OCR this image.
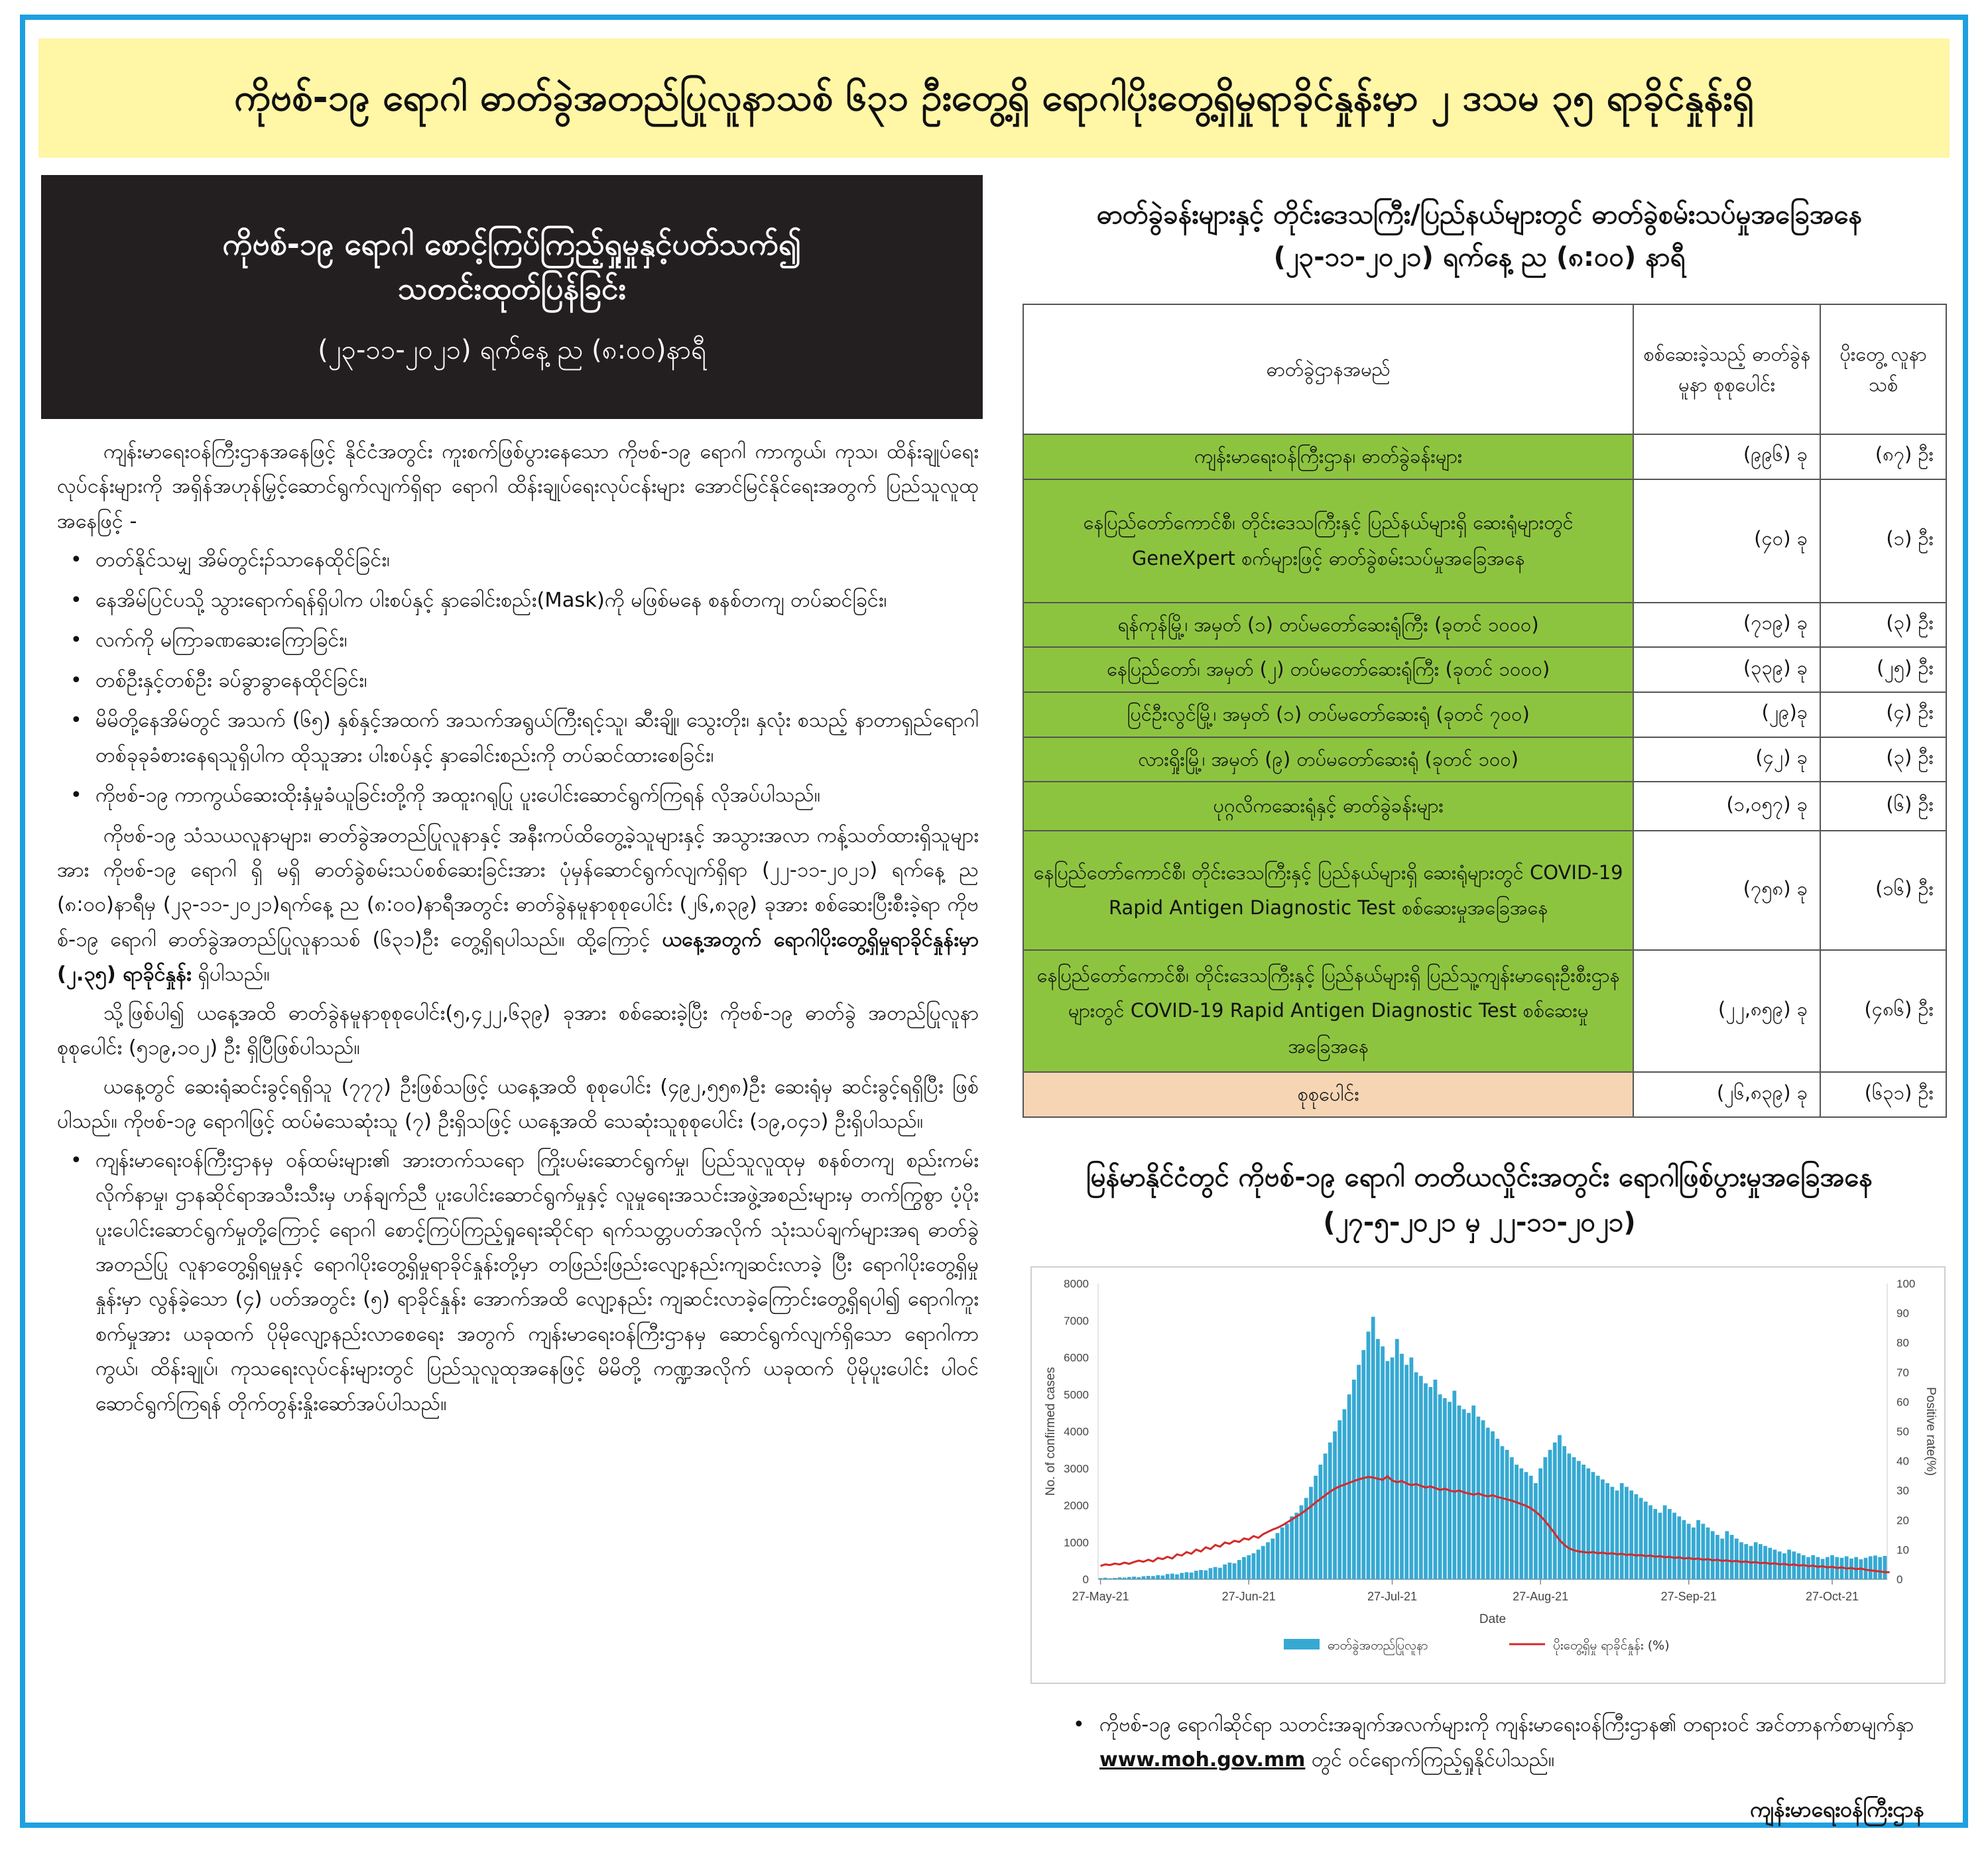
ကိုဗစ်-၁၉ ရောဂါ ဓာတ်ခွဲအတည်ပြုလူနာသစ် ၆၃၁ ဦးတွေ့ရှိ ရောဂါပိုးတွေ့ရှိမှုရာခိုင်နှုန်းမှာ ၂ ဒသမ ၃၅ ရာခိုင်နှုန်းရှိ
ကိုဗစ်-၁၉ ရောဂါ စောင့်ကြပ်ကြည့်ရှုမှုနှင့်ပတ်သက်၍
သတင်းထုတ်ပြန်ခြင်း
(၂၃-၁၁-၂၀၂၁) ရက်နေ့ ည (၈:၀၀)နာရီ

ကျန်းမာရေးဝန်ကြီးဌာနအနေဖြင့် နိုင်ငံအတွင်း ကူးစက်ဖြစ်ပွားနေသော ကိုဗစ်-၁၉ ရောဂါ ကာကွယ်၊ ကုသ၊ ထိန်းချုပ်ရေးလုပ်ငန်းများကို အရှိန်အဟုန်မြှင့်ဆောင်ရွက်လျက်ရှိရာ ရောဂါ ထိန်းချုပ်ရေးလုပ်ငန်းများ အောင်မြင်နိုင်ရေးအတွက် ပြည်သူလူထုအနေဖြင့် -

• တတ်နိုင်သမျှ အိမ်တွင်းၣ်သာနေထိုင်ခြင်း၊
• နေအိမ်ပြင်ပသို့ သွားရောက်ရန်ရှိပါက ပါးစပ်နှင့် နှာခေါင်းစည်း(Mask)ကို မဖြစ်မနေ စနစ်တကျ တပ်ဆင်ခြင်း၊
• လက်ကို မကြာခဏဆေးကြောခြင်း၊
• တစ်ဦးနှင့်တစ်ဦး ခပ်ခွာခွာနေထိုင်ခြင်း၊
• မိမိတို့နေအိမ်တွင် အသက် (၆၅) နှစ်နှင့်အထက် အသက်အရွယ်ကြီးရင့်သူ၊ ဆီးချို၊ သွေးတိုး၊ နှလုံး စသည့် နာတာရှည်ရောဂါတစ်ခုခုခံစားနေရသူရှိပါက ထိုသူအား ပါးစပ်နှင့် နှာခေါင်းစည်းကို တပ်ဆင်ထားစေခြင်း၊
• ကိုဗစ်-၁၉ ကာကွယ်ဆေးထိုးနှံမှုခံယူခြင်းတို့ကို အထူးဂရုပြု ပူးပေါင်းဆောင်ရွက်ကြရန် လိုအပ်ပါသည်။

ကိုဗစ်-၁၉ သံသယလူနာများ၊ ဓာတ်ခွဲအတည်ပြုလူနာနှင့် အနီးကပ်ထိတွေ့ခဲ့သူများနှင့် အသွားအလာ ကန့်သတ်ထားရှိသူများအား ကိုဗစ်-၁၉ ရောဂါ ရှိ မရှိ ဓာတ်ခွဲစမ်းသပ်စစ်ဆေးခြင်းအား ပုံမှန်ဆောင်ရွက်လျက်ရှိရာ (၂၂-၁၁-၂၀၂၁) ရက်နေ့ ည (၈:၀၀)နာရီမှ (၂၃-၁၁-၂၀၂၁)ရက်နေ့ ည (၈:၀၀)နာရီအတွင်း ဓာတ်ခွဲနမူနာစုစုပေါင်း (၂၆,၈၃၉) ခုအား စစ်ဆေးပြီးစီးခဲ့ရာ ကိုဗစ်-၁၉ ရောဂါ ဓာတ်ခွဲအတည်ပြုလူနာသစ် (၆၃၁)ဦး တွေ့ရှိရပါသည်။ ထို့ကြောင့် ယနေ့အတွက် ရောဂါပိုးတွေ့ရှိမှုရာခိုင်နှုန်းမှာ (၂.၃၅) ရာခိုင်နှုန်း ရှိပါသည်။

သို့ဖြစ်ပါ၍ ယနေ့အထိ ဓာတ်ခွဲနမူနာစုစုပေါင်း(၅,၄၂၂,၆၃၉) ခုအား စစ်ဆေးခဲ့ပြီး ကိုဗစ်-၁၉ ဓာတ်ခွဲ အတည်ပြုလူနာ စုစုပေါင်း (၅၁၉,၁၀၂) ဦး ရှိပြီဖြစ်ပါသည်။

ယနေ့တွင် ဆေးရုံဆင်းခွင့်ရရှိသူ (၇၇၇) ဦးဖြစ်သဖြင့် ယနေ့အထိ စုစုပေါင်း (၄၉၂,၅၅၈)ဦး ဆေးရုံမှ ဆင်းခွင့်ရရှိပြီး ဖြစ်ပါသည်။ ကိုဗစ်-၁၉ ရောဂါဖြင့် ထပ်မံသေဆုံးသူ (၇) ဦးရှိသဖြင့် ယနေ့အထိ သေဆုံးသူစုစုပေါင်း (၁၉,၀၄၁) ဦးရှိပါသည်။

• ကျန်းမာရေးဝန်ကြီးဌာနမှ ဝန်ထမ်းများ၏ အားတက်သရော ကြိုးပမ်းဆောင်ရွက်မှု၊ ပြည်သူလူထုမှ စနစ်တကျ စည်းကမ်းလိုက်နာမှု၊ ဌာနဆိုင်ရာအသီးသီးမှ ဟန်ချက်ညီ ပူးပေါင်းဆောင်ရွက်မှုနှင့် လူမှုရေးအသင်းအဖွဲ့အစည်းများမှ တက်ကြွစွာ ပံ့ပိုးပူးပေါင်းဆောင်ရွက်မှုတို့ကြောင့် ရောဂါ စောင့်ကြပ်ကြည့်ရှုရေးဆိုင်ရာ ရက်သတ္တပတ်အလိုက် သုံးသပ်ချက်များအရ ဓာတ်ခွဲအတည်ပြု လူနာတွေ့ရှိရမှုနှင့် ရောဂါပိုးတွေ့ရှိမှုရာခိုင်နှုန်းတို့မှာ တဖြည်းဖြည်းလျော့နည်းကျဆင်းလာခဲ့ ပြီး ရောဂါပိုးတွေ့ရှိမှုနှုန်းမှာ လွန်ခဲ့သော (၄) ပတ်အတွင်း (၅) ရာခိုင်နှုန်း အောက်အထိ လျော့နည်း ကျဆင်းလာခဲ့ကြောင်းတွေ့ရှိရပါ၍ ရောဂါကူးစက်မှုအား ယခုထက် ပိုမိုလျော့နည်းလာစေရေး အတွက် ကျန်းမာရေးဝန်ကြီးဌာနမှ ဆောင်ရွက်လျက်ရှိသော ရောဂါကာကွယ်၊ ထိန်းချုပ်၊ ကုသရေးလုပ်ငန်းများတွင် ပြည်သူလူထုအနေဖြင့် မိမိတို့ ကဏ္ဍအလိုက် ယခုထက် ပိုမိုပူးပေါင်း ပါဝင်ဆောင်ရွက်ကြရန် တိုက်တွန်းနှိုးဆော်အပ်ပါသည်။
ဓာတ်ခွဲခန်းများနှင့် တိုင်းဒေသကြီး/ပြည်နယ်များတွင် ဓာတ်ခွဲစမ်းသပ်မှုအခြေအနေ
(၂၃-၁၁-၂၀၂၁) ရက်နေ့ ည (၈:၀၀) နာရီ
ဓာတ်ခွဲဌာနအမည်	စစ်ဆေးခဲ့သည့် ဓာတ်ခွဲနမူနာ စုစုပေါင်း	ပိုးတွေ့ လူနာသစ်
ကျန်းမာရေးဝန်ကြီးဌာန၊ ဓာတ်ခွဲခန်းများ	(၉၉၆) ခု	(၈၇) ဦး
နေပြည်တော်ကောင်စီ၊ တိုင်းဒေသကြီးနှင့် ပြည်နယ်များရှိ ဆေးရုံများတွင် GeneXpert စက်များဖြင့် ဓာတ်ခွဲစမ်းသပ်မှုအခြေအနေ	(၄၀) ခု	(၁) ဦး
ရန်ကုန်မြို့၊ အမှတ် (၁) တပ်မတော်ဆေးရုံကြီး (ခုတင် ၁၀၀၀)	(၇၁၉) ခု	(၃) ဦး
နေပြည်တော်၊ အမှတ် (၂) တပ်မတော်ဆေးရုံကြီး (ခုတင် ၁၀၀၀)	(၃၃၉) ခု	(၂၅) ဦး
ပြင်ဦးလွင်မြို့၊ အမှတ် (၁) တပ်မတော်ဆေးရုံ (ခုတင် ၇၀၀)	(၂၉)ခု	(၄) ဦး
လားရှိုးမြို့၊ အမှတ် (၉) တပ်မတော်ဆေးရုံ (ခုတင် ၁၀၀)	(၄၂) ခု	(၃) ဦး
ပုဂ္ဂလိကဆေးရုံနှင့် ဓာတ်ခွဲခန်းများ	(၁,၀၅၇) ခု	(၆) ဦး
နေပြည်တော်ကောင်စီ၊ တိုင်းဒေသကြီးနှင့် ပြည်နယ်များရှိ ဆေးရုံများတွင် COVID-19 Rapid Antigen Diagnostic Test စစ်ဆေးမှုအခြေအနေ	(၇၅၈) ခု	(၁၆) ဦး
နေပြည်တော်ကောင်စီ၊ တိုင်းဒေသကြီးနှင့် ပြည်နယ်များရှိ ပြည်သူ့ကျန်းမာရေးဦးစီးဌာနများတွင် COVID-19 Rapid Antigen Diagnostic Test စစ်ဆေးမှုအခြေအနေ	(၂၂,၈၅၉) ခု	(၄၈၆) ဦး
စုစုပေါင်း	(၂၆,၈၃၉) ခု	(၆၃၁) ဦး
မြန်မာနိုင်ငံတွင် ကိုဗစ်-၁၉ ရောဂါ တတိယလှိုင်းအတွင်း ရောဂါဖြစ်ပွားမှုအခြေအနေ
(၂၇-၅-၂၀၂၁ မှ ၂၂-၁၁-၂၀၂၁)
0
1000
2000
3000
4000
5000
6000
7000
8000
0
10
20
30
40
50
60
70
80
90
100
27-May-21	27-Jun-21	27-Jul-21	27-Aug-21	27-Sep-21	27-Oct-21
Date
No. of confirmed cases	Positive rate(%)
ဓာတ်ခွဲအတည်ပြုလူနာ	ပိုးတွေ့ရှိမှု ရာခိုင်နှုန်း (%)
• ကိုဗစ်-၁၉ ရောဂါဆိုင်ရာ သတင်းအချက်အလက်များကို ကျန်းမာရေးဝန်ကြီးဌာန၏ တရားဝင် အင်တာနက်စာမျက်နှာ www.moh.gov.mm တွင် ဝင်ရောက်ကြည့်ရှုနိုင်ပါသည်။
ကျန်းမာရေးဝန်ကြီးဌာန
